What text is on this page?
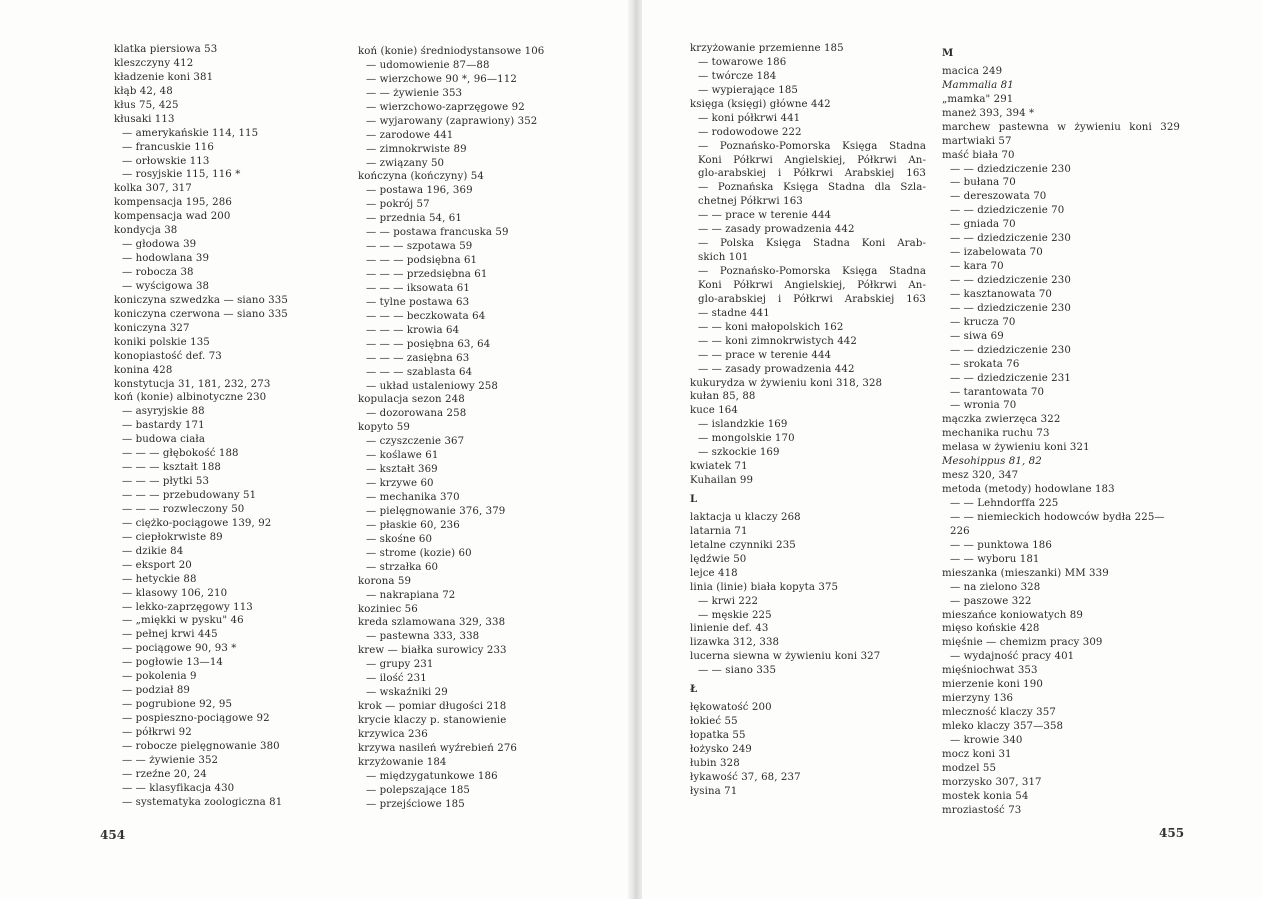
klatka piersiowa 53
kleszczyny 412
kładzenie koni 381
kłąb 42, 48
kłus 75, 425
kłusaki 113
— amerykańskie 114, 115
— francuskie 116
— orłowskie 113
— rosyjskie 115, 116 *
kolka 307, 317
kompensacja 195, 286
kompensacja wad 200
kondycja 38
— głodowa 39
— hodowlana 39
— robocza 38
— wyścigowa 38
koniczyna szwedzka — siano 335
koniczyna czerwona — siano 335
koniczyna 327
koniki polskie 135
konopiastość def. 73
konina 428
konstytucja 31, 181, 232, 273
koń (konie) albinotyczne 230
— asyryjskie 88
— bastardy 171
— budowa ciała
— — — głębokość 188
— — — kształt 188
— — — płytki 53
— — — przebudowany 51
— — — rozwleczony 50
— ciężko-pociągowe 139, 92
— ciepłokrwiste 89
— dzikie 84
— eksport 20
— hetyckie 88
— klasowy 106, 210
— lekko-zaprzęgowy 113
— „miękki w pysku" 46
— pełnej krwi 445
— pociągowe 90, 93 *
— pogłowie 13—14
— pokolenia 9
— podział 89
— pogrubione 92, 95
— pospieszno-pociągowe 92
— półkrwi 92
— robocze pielęgnowanie 380
— — żywienie 352
— rzeźne 20, 24
— — klasyfikacja 430
— systematyka zoologiczna 81
koń (konie) średniodystansowe 106
— udomowienie 87—88
— wierzchowe 90 *, 96—112
— — żywienie 353
— wierzchowo-zaprzęgowe 92
— wyjarowany (zaprawiony) 352
— zarodowe 441
— zimnokrwiste 89
— związany 50
kończyna (kończyny) 54
— postawa 196, 369
— pokrój 57
— przednia 54, 61
— — postawa francuska 59
— — — szpotawa 59
— — — podsiębna 61
— — — przedsiębna 61
— — — iksowata 61
— tylne postawa 63
— — — beczkowata 64
— — — krowia 64
— — — posiębna 63, 64
— — — zasiębna 63
— — — szablasta 64
— układ ustaleniowy 258
kopulacja sezon 248
— dozorowana 258
kopyto 59
— czyszczenie 367
— koślawe 61
— kształt 369
— krzywe 60
— mechanika 370
— pielęgnowanie 376, 379
— płaskie 60, 236
— skośne 60
— strome (kozie) 60
— strzałka 60
korona 59
— nakrapiana 72
koziniec 56
kreda szlamowana 329, 338
— pastewna 333, 338
krew — białka surowicy 233
— grupy 231
— ilość 231
— wskaźniki 29
krok — pomiar długości 218
krycie klaczy p. stanowienie
krzywica 236
krzywa nasileń wyźrebień 276
krzyżowanie 184
— międzygatunkowe 186
— polepszające 185
— przejściowe 185
454
krzyżowanie przemienne 185
— towarowe 186
— twórcze 184
— wypierające 185
księga (księgi) główne 442
— koni półkrwi 441
— rodowodowe 222
— Poznańsko-Pomorska Księga Stadna
Koni Półkrwi Angielskiej, Półkrwi An-
glo-arabskiej i Półkrwi Arabskiej 163
— Poznańska Księga Stadna dla Szla-
chetnej Półkrwi 163
— — prace w terenie 444
— — zasady prowadzenia 442
— Polska Księga Stadna Koni Arab-
skich 101
— Poznańsko-Pomorska Księga Stadna
Koni Półkrwi Angielskiej, Półkrwi An-
glo-arabskiej i Półkrwi Arabskiej 163
— stadne 441
— — koni małopolskich 162
— — koni zimnokrwistych 442
— — prace w terenie 444
— — zasady prowadzenia 442
kukurydza w żywieniu koni 318, 328
kułan 85, 88
kuce 164
— islandzkie 169
— mongolskie 170
— szkockie 169
kwiatek 71
Kuhailan 99
L
laktacja u klaczy 268
latarnia 71
letalne czynniki 235
lędźwie 50
lejce 418
linia (linie) biała kopyta 375
— krwi 222
— męskie 225
linienie def. 43
lizawka 312, 338
lucerna siewna w żywieniu koni 327
— — siano 335
Ł
łękowatość 200
łokieć 55
łopatka 55
łożysko 249
łubin 328
łykawość 37, 68, 237
łysina 71
M
macica 249
Mammalia 81
„mamka" 291
maneż 393, 394 *
marchew pastewna w żywieniu koni 329
martwiaki 57
maść biała 70
— — dziedziczenie 230
— bułana 70
— dereszowata 70
— — dziedziczenie 70
— gniada 70
— — dziedziczenie 230
— izabelowata 70
— kara 70
— — dziedziczenie 230
— kasztanowata 70
— — dziedziczenie 230
— krucza 70
— siwa 69
— — dziedziczenie 230
— srokata 76
— — dziedziczenie 231
— tarantowata 70
— wronia 70
mączka zwierzęca 322
mechanika ruchu 73
melasa w żywieniu koni 321
Mesohippus 81, 82
mesz 320, 347
metoda (metody) hodowlane 183
— — Lehndorffa 225
— — niemieckich hodowców bydła 225—
226
— — punktowa 186
— — wyboru 181
mieszanka (mieszanki) MM 339
— na zielono 328
— paszowe 322
mieszańce koniowatych 89
mięso końskie 428
mięśnie — chemizm pracy 309
— wydajność pracy 401
mięśniochwat 353
mierzenie koni 190
mierzyny 136
mleczność klaczy 357
mleko klaczy 357—358
— krowie 340
mocz koni 31
modzel 55
morzysko 307, 317
mostek konia 54
mroziastość 73
455
